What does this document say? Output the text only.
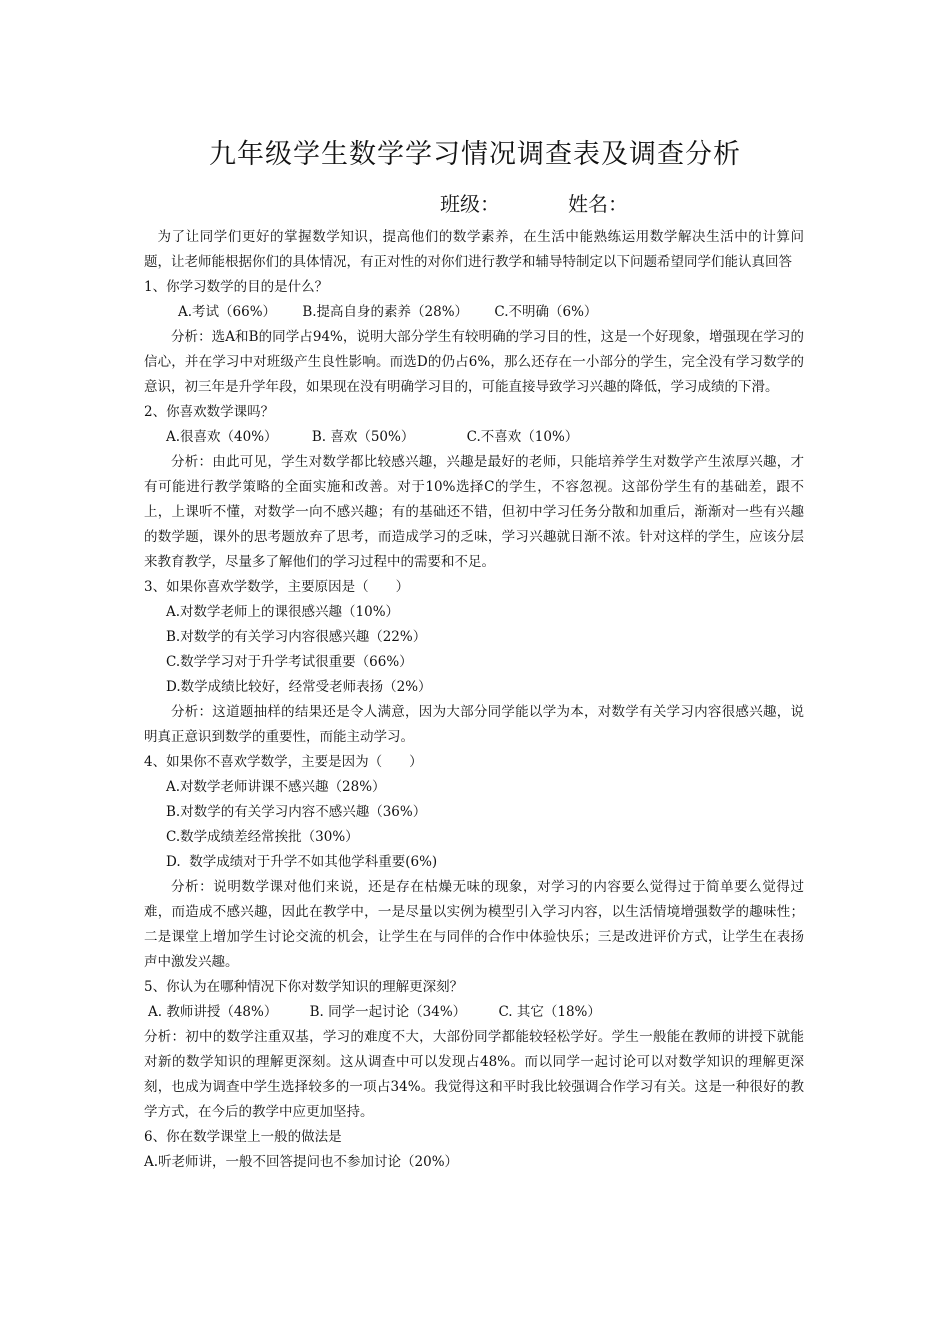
九年级学生数学学习情况调查表及调查分析
班级：	姓名：

为了让同学们更好的掌握数学知识，提高他们的数学素养，在生活中能熟练运用数学解决生活中的计算问题，让老师能根据你们的具体情况，有正对性的对你们进行教学和辅导特制定以下问题希望同学们能认真回答

1、你学习数学的目的是什么？

A.考试（66%） B.提高自身的素养（28%） C.不明确（6%）

分析：选A和B的同学占94%，说明大部分学生有较明确的学习目的性，这是一个好现象，增强现在学习的信心，并在学习中对班级产生良性影响。而选D的仍占6%，那么还存在一小部分的学生，完全没有学习数学的意识，初三年是升学年段，如果现在没有明确学习目的，可能直接导致学习兴趣的降低，学习成绩的下滑。

2、你喜欢数学课吗？

A.很喜欢（40%）	B. 喜欢（50%）	C.不喜欢（10%）

分析：由此可见，学生对数学都比较感兴趣，兴趣是最好的老师，只能培养学生对数学产生浓厚兴趣，才有可能进行教学策略的全面实施和改善。对于10%选择C的学生，不容忽视。这部份学生有的基础差，跟不上，上课听不懂，对数学一向不感兴趣；有的基础还不错，但初中学习任务分散和加重后，渐渐对一些有兴趣的数学题，课外的思考题放弃了思考，而造成学习的乏味，学习兴趣就日渐不浓。针对这样的学生，应该分层来教育教学，尽量多了解他们的学习过程中的需要和不足。

3、如果你喜欢学数学，主要原因是（　　）

A.对数学老师上的课很感兴趣（10%）

B.对数学的有关学习内容很感兴趣（22%）

C.数学学习对于升学考试很重要（66%）

D.数学成绩比较好，经常受老师表扬（2%）

分析：这道题抽样的结果还是令人满意，因为大部分同学能以学为本，对数学有关学习内容很感兴趣，说明真正意识到数学的重要性，而能主动学习。

4、如果你不喜欢学数学，主要是因为（　　）

A.对数学老师讲课不感兴趣（28%）

B.对数学的有关学习内容不感兴趣（36%）

C.数学成绩差经常挨批（30%）

D.  数学成绩对于升学不如其他学科重要(6%)

分析：说明数学课对他们来说，还是存在枯燥无味的现象，对学习的内容要么觉得过于简单要么觉得过难，而造成不感兴趣，因此在教学中，一是尽量以实例为模型引入学习内容，以生活情境增强数学的趣味性；二是课堂上增加学生讨论交流的机会，让学生在与同伴的合作中体验快乐；三是改进评价方式，让学生在表扬声中激发兴趣。

5、你认为在哪种情况下你对数学知识的理解更深刻？

A. 教师讲授（48%） B. 同学一起讨论（34%） C. 其它（18%）

分析：初中的数学注重双基，学习的难度不大，大部份同学都能较轻松学好。学生一般能在教师的讲授下就能对新的数学知识的理解更深刻。这从调查中可以发现占48%。而以同学一起讨论可以对数学知识的理解更深刻，也成为调查中学生选择较多的一项占34%。我觉得这和平时我比较强调合作学习有关。这是一种很好的教学方式，在今后的教学中应更加坚持。

6、你在数学课堂上一般的做法是

A.听老师讲，一般不回答提问也不参加讨论（20%）
